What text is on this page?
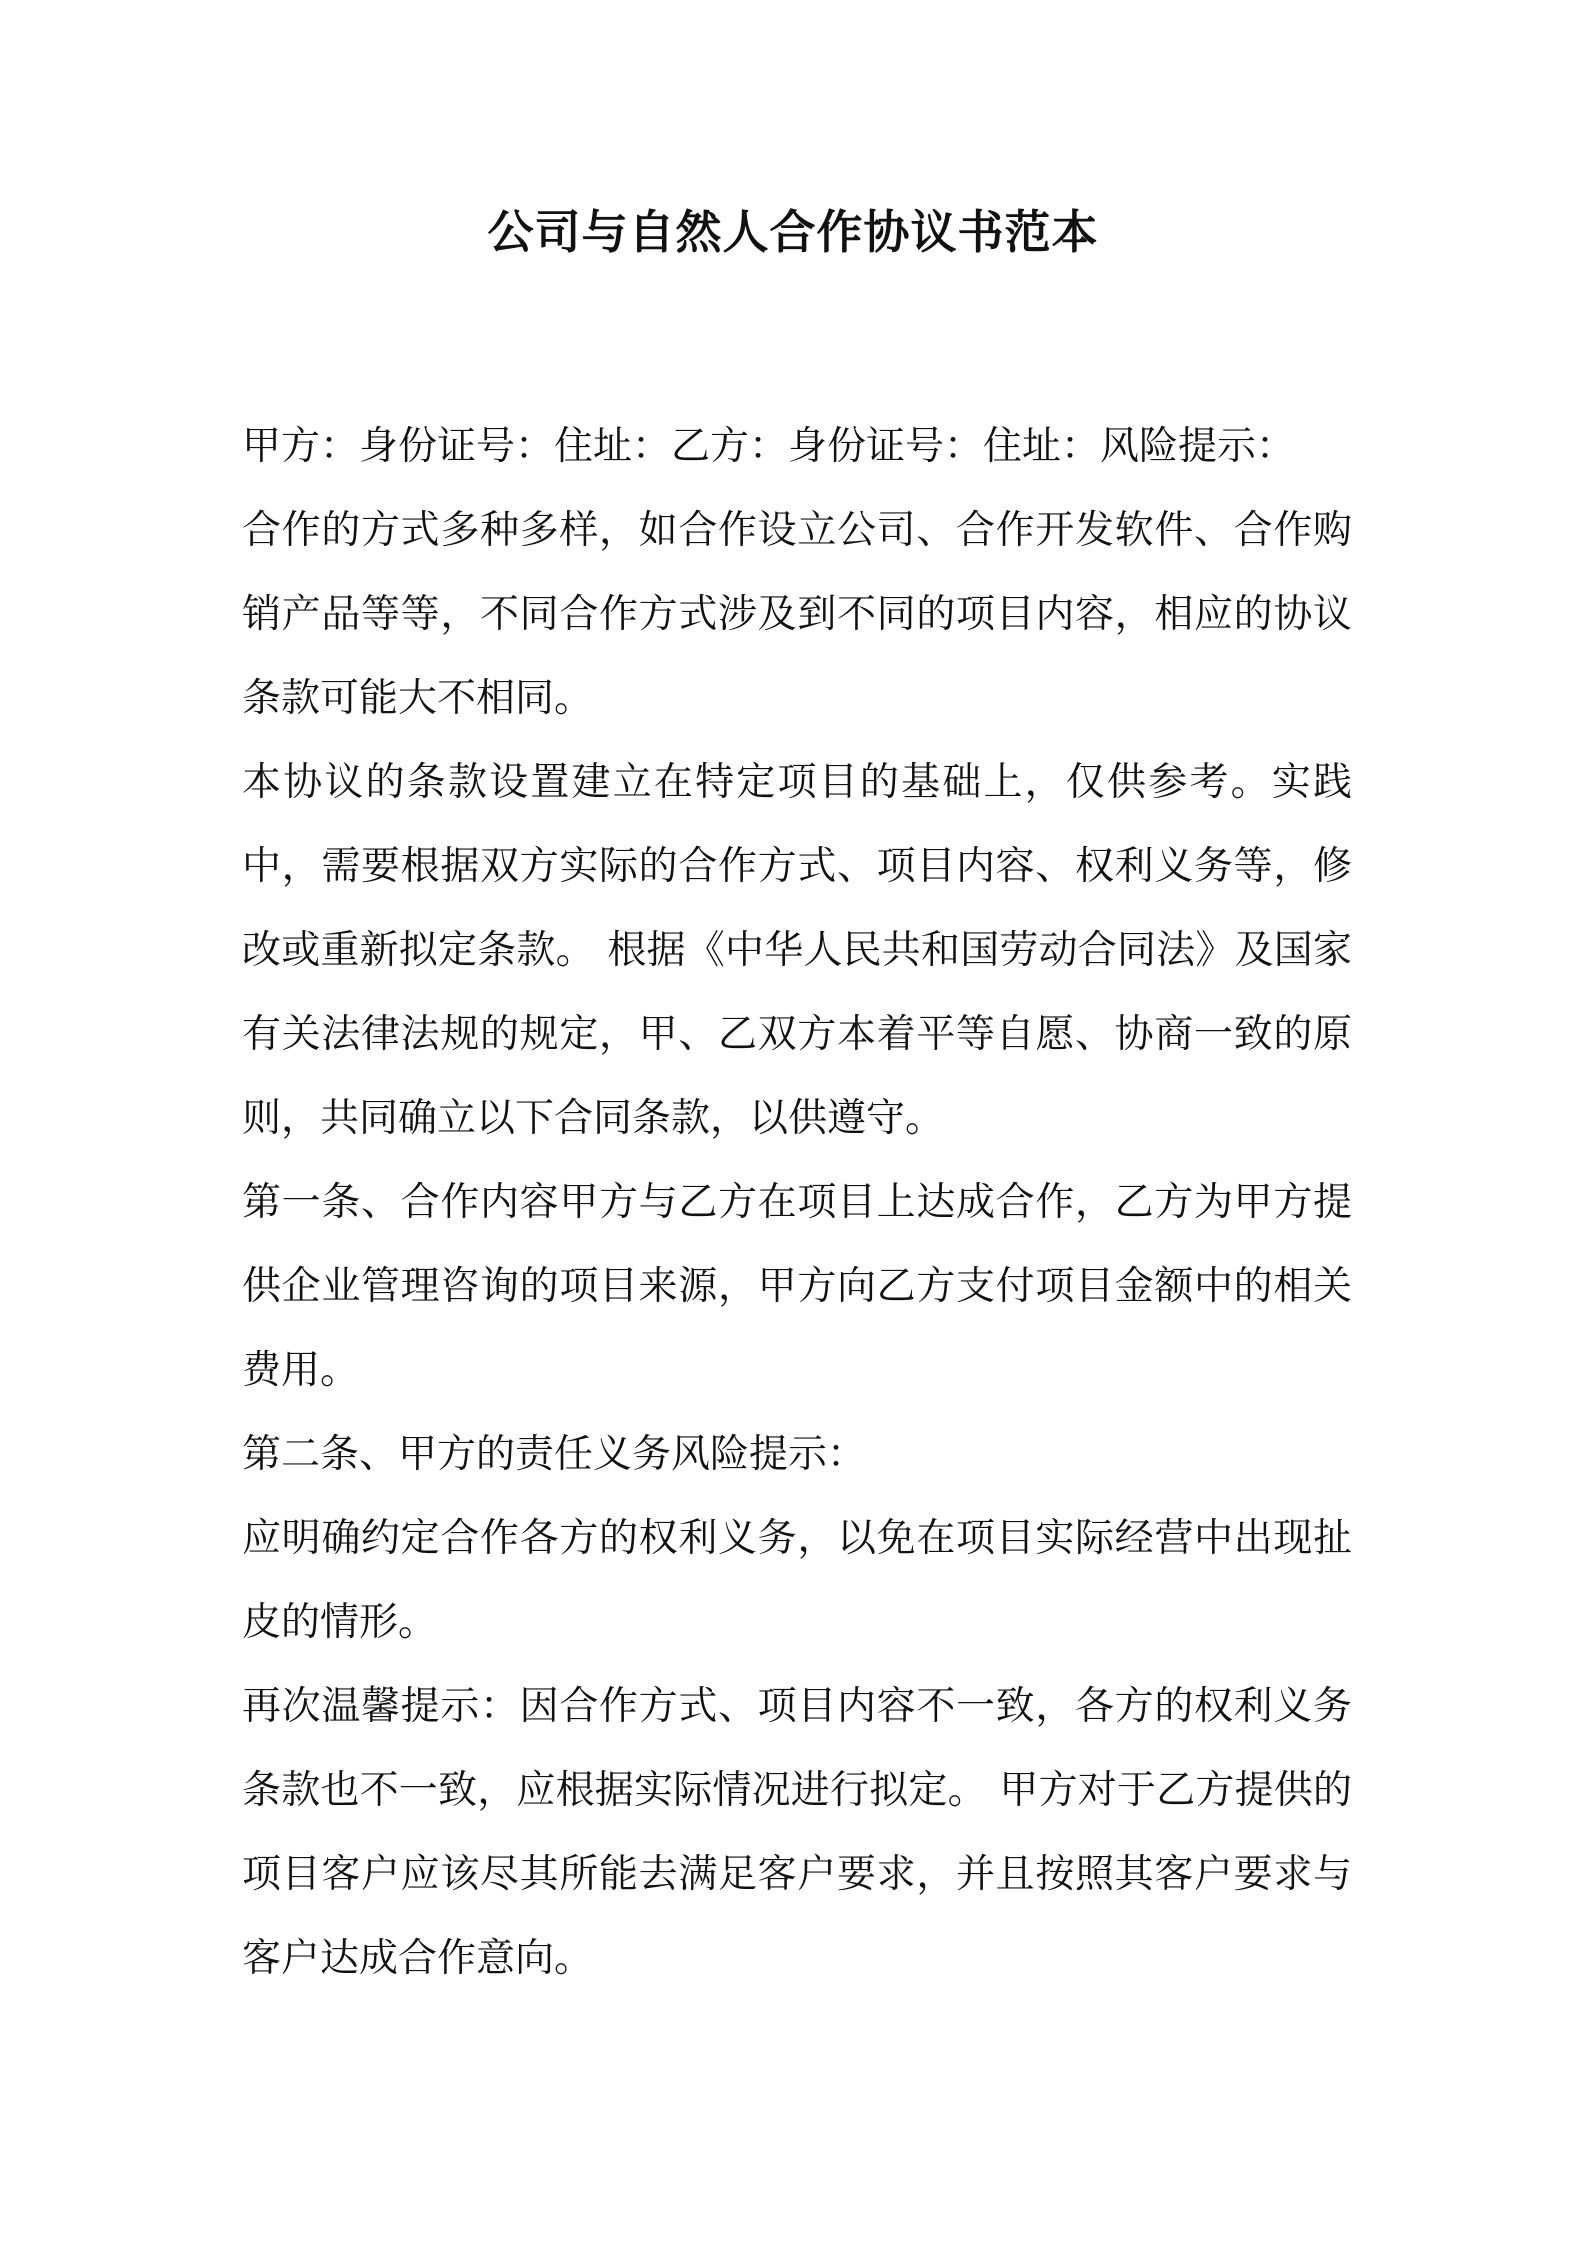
公司与自然人合作协议书范本

甲方：身份证号：住址：乙方：身份证号：住址：风险提示：

合作的方式多种多样，如合作设立公司、合作开发软件、合作购销产品等等，不同合作方式涉及到不同的项目内容，相应的协议条款可能大不相同。

本协议的条款设置建立在特定项目的基础上，仅供参考。实践中，需要根据双方实际的合作方式、项目内容、权利义务等，修改或重新拟定条款。 根据《中华人民共和国劳动合同法》及国家有关法律法规的规定，甲、乙双方本着平等自愿、协商一致的原则，共同确立以下合同条款，以供遵守。

第一条、合作内容甲方与乙方在项目上达成合作，乙方为甲方提供企业管理咨询的项目来源，甲方向乙方支付项目金额中的相关费用。

第二条、甲方的责任义务风险提示：

应明确约定合作各方的权利义务，以免在项目实际经营中出现扯皮的情形。

再次温馨提示：因合作方式、项目内容不一致，各方的权利义务条款也不一致，应根据实际情况进行拟定。 甲方对于乙方提供的项目客户应该尽其所能去满足客户要求，并且按照其客户要求与客户达成合作意向。
